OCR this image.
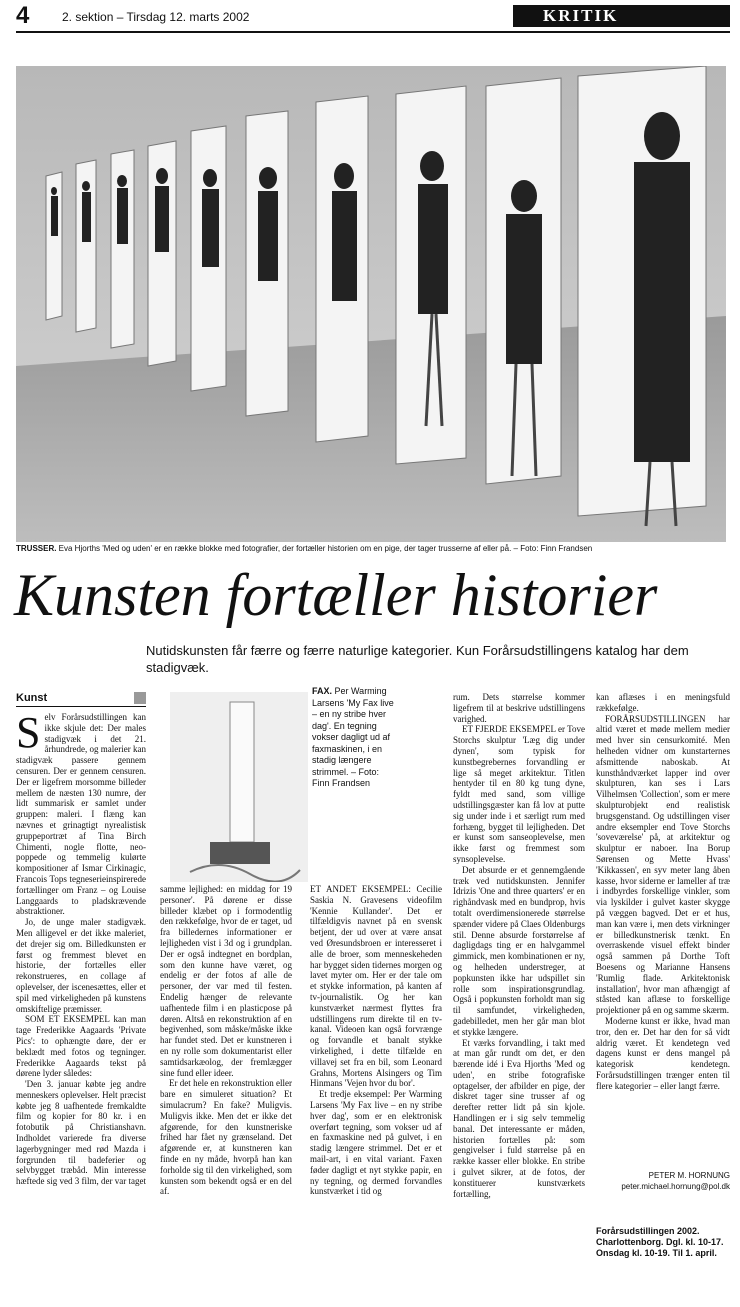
4	2. sektion – Tirsdag 12. marts 2002	KRITIK
TRUSSER. Eva Hjorths 'Med og uden' er en række blokke med fotografier, der fortæller historien om en pige, der tager trusserne af eller på. – Foto: Finn Frandsen
Kunsten fortæller historier
Nutidskunsten får færre og færre naturlige kategorier. Kun Forårsudstillingens katalog har dem stadigvæk.
Kunst
S elv Forårsudstillingen kan ikke skjule det: Der males stadigvæk i det 21. århundrede, og malerier kan stadigvæk passere gennem censuren. Der er gennem censuren. Der er ligefrem morsomme billeder mellem de næsten 130 numre, der lidt summarisk er samlet under gruppen: maleri. I flæng kan nævnes et grinagtigt nyrealistisk gruppeportræt af Tina Birch Chimenti, nogle flotte, neo-poppede og temmelig kulørte kompositioner af Ismar Cirkinagic, Francois Tops tegneserieinspirerede fortællinger om Franz – og Louise Langgaards to pladskrævende abstraktioner.

Jo, de unge maler stadigvæk. Men alligevel er det ikke maleriet, det drejer sig om. Billedkunsten er først og fremmest blevet en historie, der fortælles eller rekonstrueres, en collage af oplevelser, der iscenesættes, eller et spil med virkeligheden på kunstens omskiftelige præmisser.

SOM ET EKSEMPEL kan man tage Frederikke Aagaards 'Private Pics': to ophængte døre, der er beklædt med fotos og tegninger. Frederikke Aagaards tekst på dørene lyder således:

'Den 3. januar købte jeg andre menneskers oplevelser. Helt præcist købte jeg 8 uafhentede fremkaldte film og kopier for 80 kr. i en fotobutik på Christianshavn. Indholdet varierede fra diverse lagerbygninger med rød Mazda i forgrunden til badeferier og selvbygget træbåd. Min interesse hæftede sig ved 3 film, der var taget

FAX. Per Warming Larsens 'My Fax live – en ny stribe hver dag'. En tegning vokser dagligt ud af faxmaskinen, i en stadig længere strimmel. – Foto: Finn Frandsen

samme lejlighed: en middag for 19 personer'. På dørene er disse billeder klæbet op i formodentlig den rækkefølge, hvor de er taget, ud fra billedernes informationer er lejligheden vist i 3d og i grundplan. Der er også indtegnet en bordplan, som den kunne have været, og endelig er der fotos af alle de personer, der var med til festen. Endelig hænger de relevante uafhentede film i en plasticpose på døren. Altså en rekonstruktion af en begivenhed, som måske/måske ikke har fundet sted. Det er kunstneren i en ny rolle som dokumentarist eller samtidsarkæolog, der fremlægger sine fund eller ideer.

Er det hele en rekonstruktion eller bare en simuleret situation? Et simulacrum? En fake? Muligvis. Muligvis ikke. Men det er ikke det afgørende, for den kunstneriske frihed har fået ny grænseland. Det afgørende er, at kunstneren kan finde en ny måde, hvorpå han kan forholde sig til den virkelighed, som kunsten som bekendt også er en del af.

ET ANDET EKSEMPEL: Cecilie Saskia N. Gravesens videofilm 'Kennie Kullander'. Det er tilfældigvis navnet på en svensk betjent, der ud over at være ansat ved Øresundsbroen er interesseret i alle de broer, som menneskeheden har bygget siden tidernes morgen og lavet myter om. Her er der tale om et stykke information, på kanten af tv-journalistik. Og her kan kunstværket nærmest flyttes fra udstillingens rum direkte til en tv-kanal. Videoen kan også forvrænge og forvandle et banalt stykke virkelighed, i dette tilfælde en villavej set fra en bil, som Leonard Grahns, Mortens Alsingers og Tim Hinmans 'Vejen hvor du bor'.

Et tredje eksempel: Per Warming Larsens 'My Fax live – en ny stribe hver dag', som er en elektronisk overført tegning, som vokser ud af en faxmaskine ned på gulvet, i en stadig længere strimmel. Det er et mail-art, i en vital variant. Faxen føder dagligt et nyt stykke papir, en ny tegning, og dermed forvandles kunstværket i tid og

rum. Dets størrelse kommer ligefrem til at beskrive udstillingens varighed.

ET FJERDE EKSEMPEL er Tove Storchs skulptur 'Læg dig under dynen', som typisk for kunstbegrebernes forvandling er lige så meget arkitektur. Titlen hentyder til en 80 kg tung dyne, fyldt med sand, som villige udstillingsgæster kan få lov at putte sig under inde i et særligt rum med forhæng, bygget til lejligheden. Det er kunst som sanseoplevelse, men ikke først og fremmest som synsoplevelse.

Det absurde er et gennemgående træk ved nutidskunsten. Jennifer Idrizis 'One and three quarters' er en righåndvask med en bundprop, hvis totalt overdimensionerede størrelse spænder videre på Claes Oldenburgs stil. Denne absurde forstørrelse af dagligdags ting er en halvgammel gimmick, men kombinationen er ny, og helheden understreger, at popkunsten ikke har udspillet sin rolle som inspirationsgrundlag. Også i popkunsten forholdt man sig til samfundet, virkeligheden, gadebilledet, men her går man blot et stykke længere.

Et værks forvandling, i takt med at man går rundt om det, er den bærende idé i Eva Hjorths 'Med og uden', en stribe fotografiske optagelser, der afbilder en pige, der diskret tager sine trusser af og derefter retter lidt på sin kjole. Handlingen er i sig selv temmelig banal. Det interessante er måden, historien fortælles på: som gengivelser i fuld størrelse på en række kasser eller blokke. En stribe i gulvet sikrer, at de fotos, der konstituerer kunstværkets fortælling,

kan aflæses i en meningsfuld rækkefølge.

FORÅRSUDSTILLINGEN har altid været et møde mellem medier med hver sin censurkomité. Men helheden vidner om kunstarternes afsmittende naboskab. At kunsthåndværket lapper ind over skulpturen, kan ses i Lars Vilhelmsen 'Collection', som er mere skulpturobjekt end realistisk brugsgenstand. Og udstillingen viser andre eksempler end Tove Storchs 'soveværelse' på, at arkitektur og skulptur er naboer. Ina Borup Sørensen og Mette Hvass' 'Kikkassen', en syv meter lang åben kasse, hvor siderne er lameller af træ i indbyrdes forskellige vinkler, som via lyskilder i gulvet kaster skygge på væggen bagved. Det er et hus, man kan være i, men dets virkninger er billedkunstnerisk tænkt. En overraskende visuel effekt binder også sammen på Dorthe Toft Boesens og Marianne Hansens 'Rumlig flade. Arkitektonisk installation', hvor man afhængigt af ståsted kan aflæse to forskellige projektioner på en og samme skærm.

Moderne kunst er ikke, hvad man tror, den er. Det har den for så vidt aldrig været. Et kendetegn ved dagens kunst er dens mangel på kategorisk kendetegn. Forårsudstillingen trænger enten til flere kategorier – eller langt færre.

PETER M. HORNUNG
peter.michael.hornung@pol.dk
Forårsudstillingen 2002. Charlottenborg. Dgl. kl. 10-17. Onsdag kl. 10-19. Til 1. april.
